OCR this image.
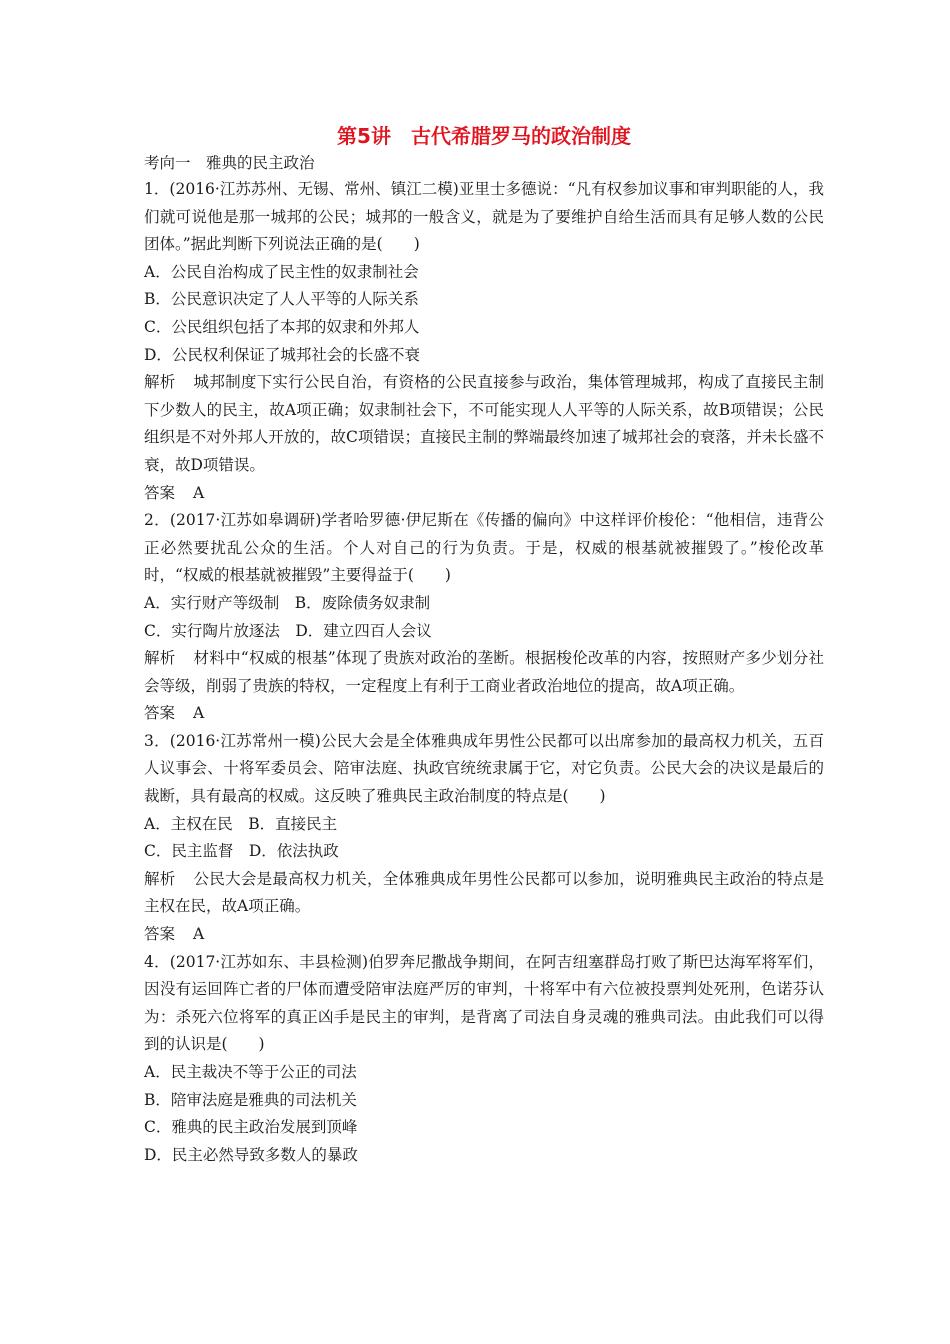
第5讲　古代希腊罗马的政治制度
考向一　雅典的民主政治

1．(2016·江苏苏州、无锡、常州、镇江二模)亚里士多德说：“凡有权参加议事和审判职能的人，我们就可说他是那一城邦的公民；城邦的一般含义，就是为了要维护自给生活而具有足够人数的公民团体。”据此判断下列说法正确的是(　　)

A．公民自治构成了民主性的奴隶制社会

B．公民意识决定了人人平等的人际关系

C．公民组织包括了本邦的奴隶和外邦人

D．公民权利保证了城邦社会的长盛不衰

解析 城邦制度下实行公民自治，有资格的公民直接参与政治，集体管理城邦，构成了直接民主制下少数人的民主，故A项正确；奴隶制社会下，不可能实现人人平等的人际关系，故B项错误；公民组织是不对外邦人开放的，故C项错误；直接民主制的弊端最终加速了城邦社会的衰落，并未长盛不衰，故D项错误。

答案 A

2．(2017·江苏如皋调研)学者哈罗德·伊尼斯在《传播的偏向》中这样评价梭伦：“他相信，违背公正必然要扰乱公众的生活。个人对自己的行为负责。于是，权威的根基就被摧毁了。”梭伦改革时，“权威的根基就被摧毁”主要得益于(　　)

A．实行财产等级制　B．废除债务奴隶制

C．实行陶片放逐法　D．建立四百人会议

解析 材料中“权威的根基”体现了贵族对政治的垄断。根据梭伦改革的内容，按照财产多少划分社会等级，削弱了贵族的特权，一定程度上有利于工商业者政治地位的提高，故A项正确。

答案 A

3．(2016·江苏常州一模)公民大会是全体雅典成年男性公民都可以出席参加的最高权力机关，五百人议事会、十将军委员会、陪审法庭、执政官统统隶属于它，对它负责。公民大会的决议是最后的裁断，具有最高的权威。这反映了雅典民主政治制度的特点是(　　)

A．主权在民　B．直接民主

C．民主监督　D．依法执政

解析 公民大会是最高权力机关，全体雅典成年男性公民都可以参加，说明雅典民主政治的特点是主权在民，故A项正确。

答案 A

4．(2017·江苏如东、丰县检测)伯罗奔尼撒战争期间，在阿吉纽塞群岛打败了斯巴达海军将军们，因没有运回阵亡者的尸体而遭受陪审法庭严厉的审判，十将军中有六位被投票判处死刑，色诺芬认为：杀死六位将军的真正凶手是民主的审判，是背离了司法自身灵魂的雅典司法。由此我们可以得到的认识是(　　)

A．民主裁决不等于公正的司法

B．陪审法庭是雅典的司法机关

C．雅典的民主政治发展到顶峰

D．民主必然导致多数人的暴政
